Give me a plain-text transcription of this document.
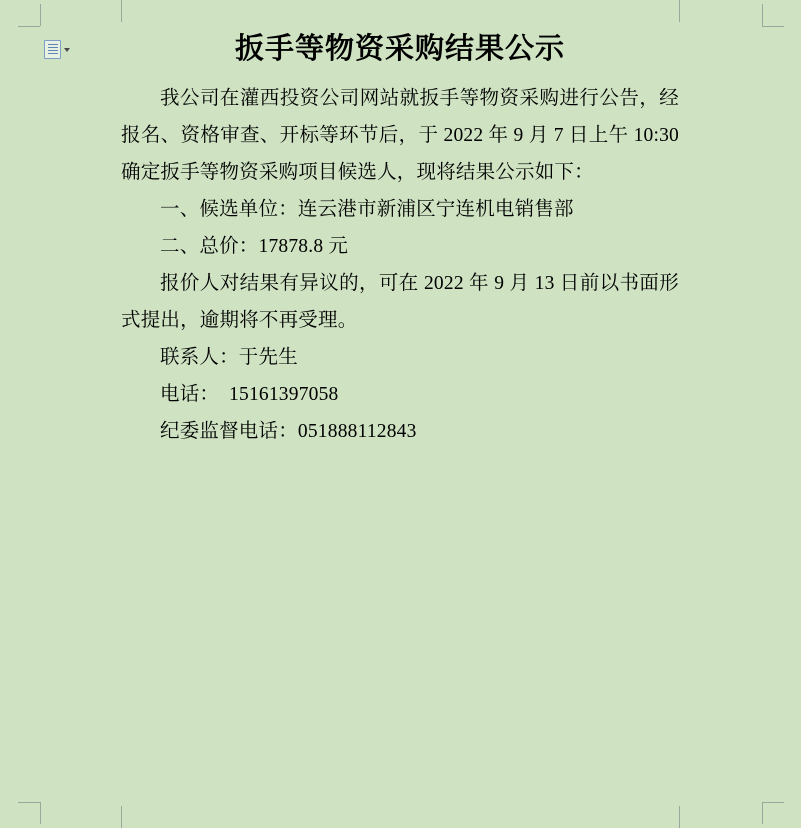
扳手等物资采购结果公示

我公司在灌西投资公司网站就扳手等物资采购进行公告，经报名、资格审查、开标等环节后，于 2022 年 9 月 7 日上午 10:30 确定扳手等物资采购项目候选人，现将结果公示如下：

一、候选单位：连云港市新浦区宁连机电销售部

二、总价：17878.8 元

报价人对结果有异议的，可在 2022 年 9 月 13 日前以书面形式提出，逾期将不再受理。

联系人：于先生

电话：　15161397058

纪委监督电话：051888112843
